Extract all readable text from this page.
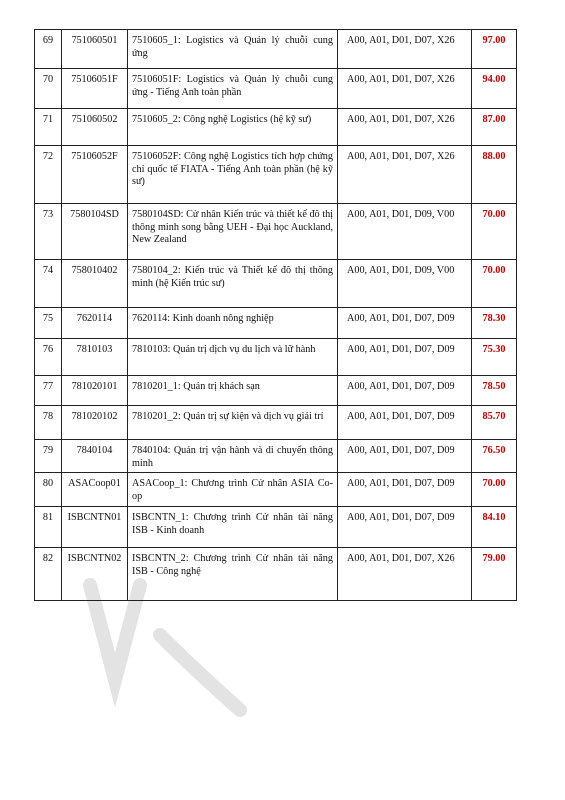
69	751060501	7510605_1: Logistics và Quản lý chuỗi cung ứng	A00, A01, D01, D07, X26	97.00
70	75106051F	75106051F: Logistics và Quản lý chuỗi cung ứng - Tiếng Anh toàn phần	A00, A01, D01, D07, X26	94.00
71	751060502	7510605_2: Công nghệ Logistics (hệ kỹ sư)	A00, A01, D01, D07, X26	87.00
72	75106052F	75106052F: Công nghệ Logistics tích hợp chứng chỉ quốc tế FIATA - Tiếng Anh toàn phần (hệ kỹ sư)	A00, A01, D01, D07, X26	88.00
73	7580104SD	7580104SD: Cử nhân Kiến trúc và thiết kế đô thị thông minh song bằng UEH - Đại học Auckland, New Zealand	A00, A01, D01, D09, V00	70.00
74	758010402	7580104_2: Kiến trúc và Thiết kế đô thị thông minh (hệ Kiến trúc sư)	A00, A01, D01, D09, V00	70.00
75	7620114	7620114: Kinh doanh nông nghiệp	A00, A01, D01, D07, D09	78.30
76	7810103	7810103: Quản trị dịch vụ du lịch và lữ hành	A00, A01, D01, D07, D09	75.30
77	781020101	7810201_1: Quản trị khách sạn	A00, A01, D01, D07, D09	78.50
78	781020102	7810201_2: Quản trị sự kiện và dịch vụ giải trí	A00, A01, D01, D07, D09	85.70
79	7840104	7840104: Quản trị vận hành và di chuyển thông minh	A00, A01, D01, D07, D09	76.50
80	ASACoop01	ASACoop_1: Chương trình Cử nhân ASIA Co-op	A00, A01, D01, D07, D09	70.00
81	ISBCNTN01	ISBCNTN_1: Chương trình Cử nhân tài năng ISB - Kinh doanh	A00, A01, D01, D07, D09	84.10
82	ISBCNTN02	ISBCNTN_2: Chương trình Cử nhân tài năng ISB - Công nghệ	A00, A01, D01, D07, X26	79.00
